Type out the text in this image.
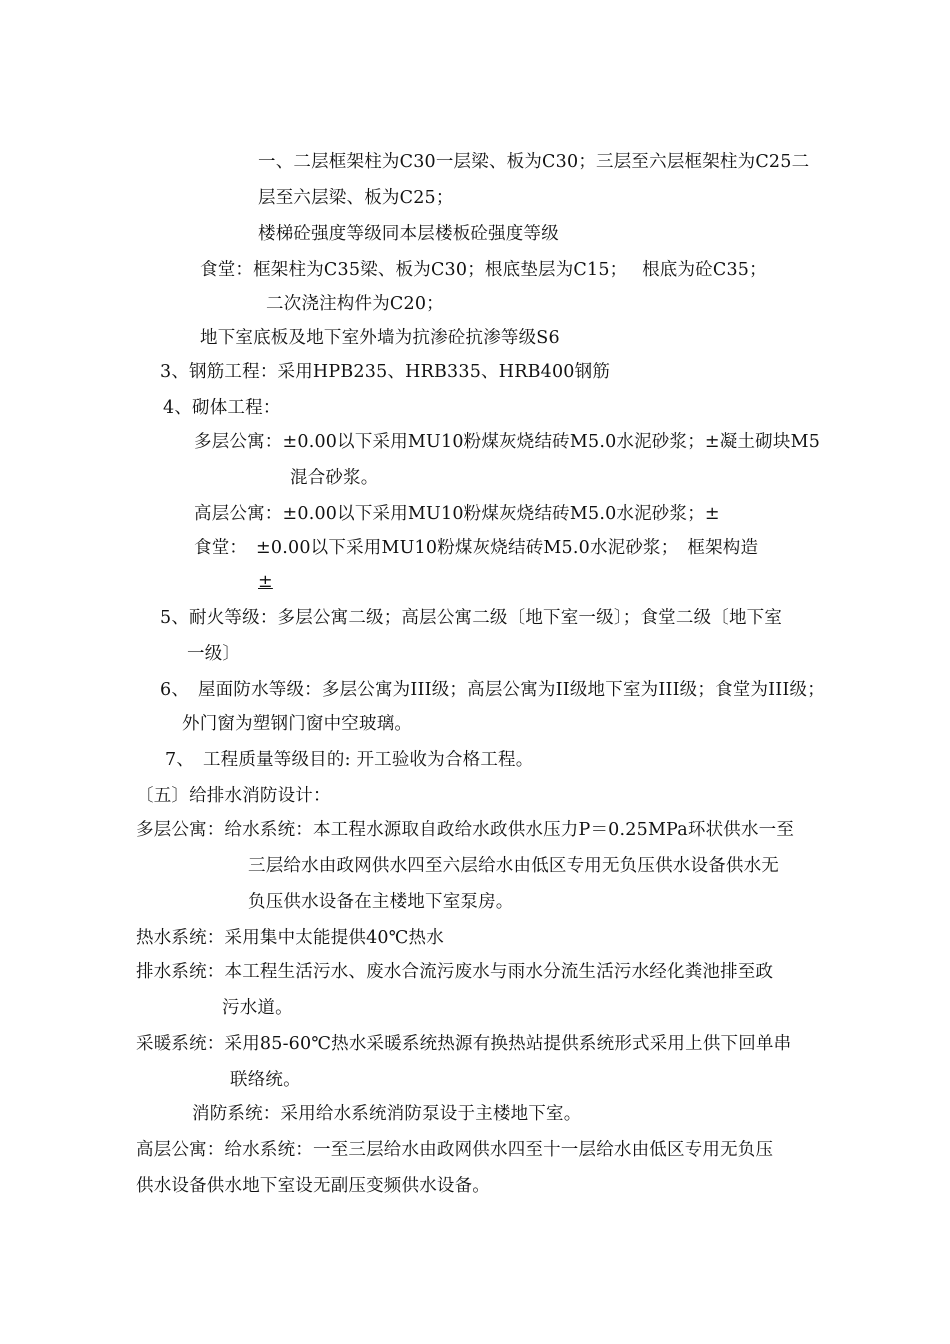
一、二层框架柱为C30一层梁、板为C30；三层至六层框架柱为C25二
层至六层梁、板为C25；
楼梯砼强度等级同本层楼板砼强度等级
食堂：框架柱为C35梁、板为C30；根底垫层为C15；　 根底为砼C35；
二次浇注构件为C20；
地下室底板及地下室外墙为抗渗砼抗渗等级S6
3、钢筋工程：采用HPB235、HRB335、HRB400钢筋
4、砌体工程：
多层公寓：±0.00以下采用MU10粉煤灰烧结砖M5.0水泥砂浆；±凝土砌块M5
混合砂浆。
高层公寓：±0.00以下采用MU10粉煤灰烧结砖M5.0水泥砂浆；±
食堂：　±0.00以下采用MU10粉煤灰烧结砖M5.0水泥砂浆；　框架构造
±
5、耐火等级：多层公寓二级；高层公寓二级〔地下室一级〕；食堂二级〔地下室
一级〕
6、　屋面防水等级：多层公寓为III级；高层公寓为II级地下室为III级；食堂为III级；
外门窗为塑钢门窗中空玻璃。
7、　工程质量等级目的: 开工验收为合格工程。
〔五〕给排水消防设计：
多层公寓：给水系统：本工程水源取自政给水政供水压力P＝0.25MPa环状供水一至
三层给水由政网供水四至六层给水由低区专用无负压供水设备供水无
负压供水设备在主楼地下室泵房。
热水系统：采用集中太能提供40℃热水
排水系统：本工程生活污水、废水合流污废水与雨水分流生活污水经化粪池排至政
污水道。
采暖系统：采用85-60℃热水采暖系统热源有换热站提供系统形式采用上供下回单串
联络统。
消防系统：采用给水系统消防泵设于主楼地下室。
高层公寓：给水系统：一至三层给水由政网供水四至十一层给水由低区专用无负压
供水设备供水地下室设无副压变频供水设备。
